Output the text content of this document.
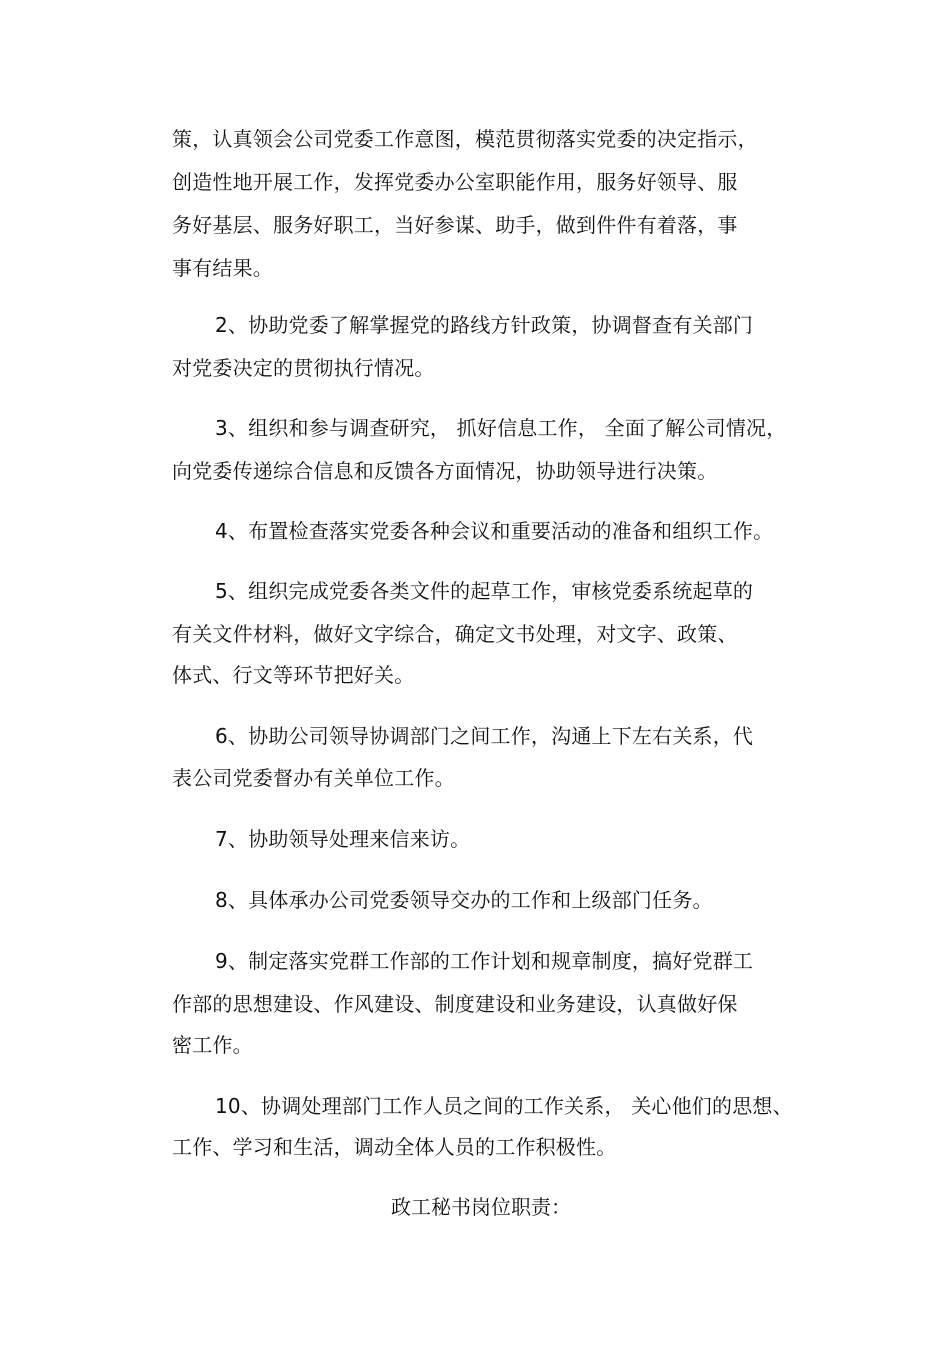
策，认真领会公司党委工作意图，模范贯彻落实党委的决定指示，
创造性地开展工作，发挥党委办公室职能作用，服务好领导、服
务好基层、服务好职工，当好参谋、助手，做到件件有着落，事
事有结果。
2、协助党委了解掌握党的路线方针政策，协调督查有关部门
对党委决定的贯彻执行情况。
3、组织和参与调查研究， 抓好信息工作， 全面了解公司情况，
向党委传递综合信息和反馈各方面情况，协助领导进行决策。
4、布置检查落实党委各种会议和重要活动的准备和组织工作。
5、组织完成党委各类文件的起草工作，审核党委系统起草的
有关文件材料，做好文字综合，确定文书处理，对文字、政策、
体式、行文等环节把好关。
6、协助公司领导协调部门之间工作，沟通上下左右关系，代
表公司党委督办有关单位工作。
7、协助领导处理来信来访。
8、具体承办公司党委领导交办的工作和上级部门任务。
9、制定落实党群工作部的工作计划和规章制度，搞好党群工
作部的思想建设、作风建设、制度建设和业务建设，认真做好保
密工作。
10、协调处理部门工作人员之间的工作关系， 关心他们的思想、
工作、学习和生活，调动全体人员的工作积极性。
政工秘书岗位职责：
